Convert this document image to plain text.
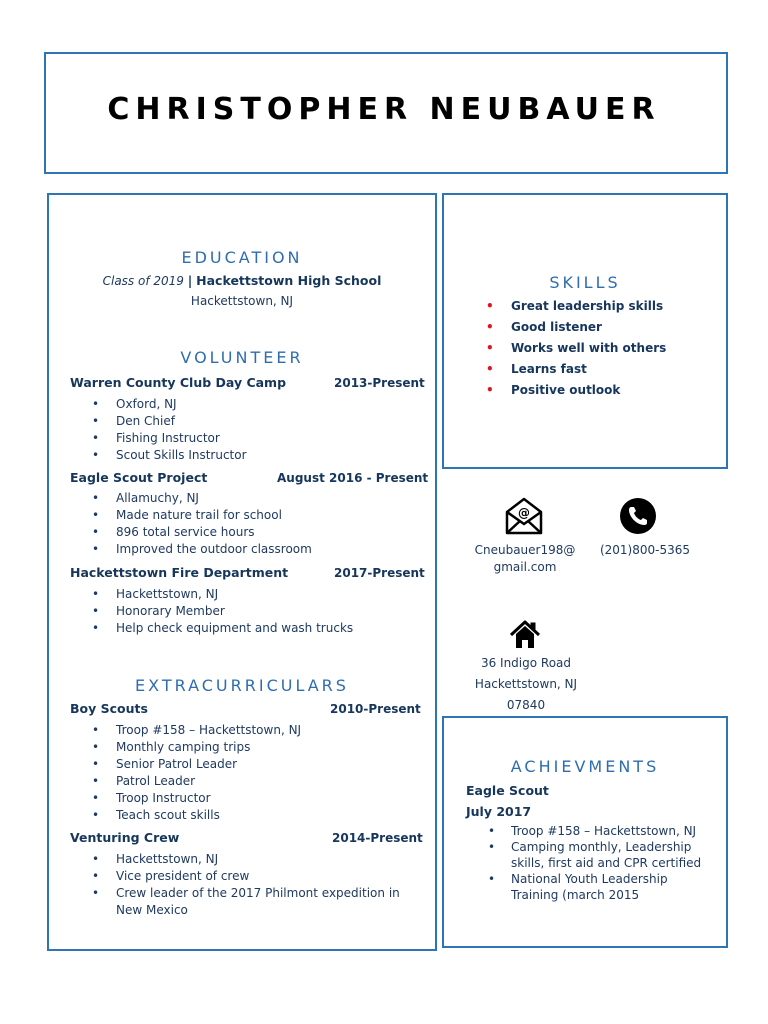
CHRISTOPHER NEUBAUER
EDUCATION
Class of 2019 | Hackettstown High School
Hackettstown, NJ
VOLUNTEER
Warren County Club Day Camp	2013-Present
• Oxford, NJ
• Den Chief
• Fishing Instructor
• Scout Skills Instructor
Eagle Scout Project	August 2016 - Present
• Allamuchy, NJ
• Made nature trail for school
• 896 total service hours
• Improved the outdoor classroom
Hackettstown Fire Department	2017-Present
• Hackettstown, NJ
• Honorary Member
• Help check equipment and wash trucks
EXTRACURRICULARS
Boy Scouts	2010-Present
• Troop #158 – Hackettstown, NJ
• Monthly camping trips
• Senior Patrol Leader
• Patrol Leader
• Troop Instructor
• Teach scout skills
Venturing Crew	2014-Present
• Hackettstown, NJ
• Vice president of crew
• Crew leader of the 2017 Philmont expedition in New Mexico
SKILLS
• Great leadership skills
• Good listener
• Works well with others
• Learns fast
• Positive outlook
@
Cneubauer198@
gmail.com
(201)800-5365
36 Indigo Road
Hackettstown, NJ
07840
ACHIEVMENTS
Eagle Scout
July 2017
• Troop #158 – Hackettstown, NJ
• Camping monthly, Leadership skills, first aid and CPR certified
• National Youth Leadership Training (march 2015
